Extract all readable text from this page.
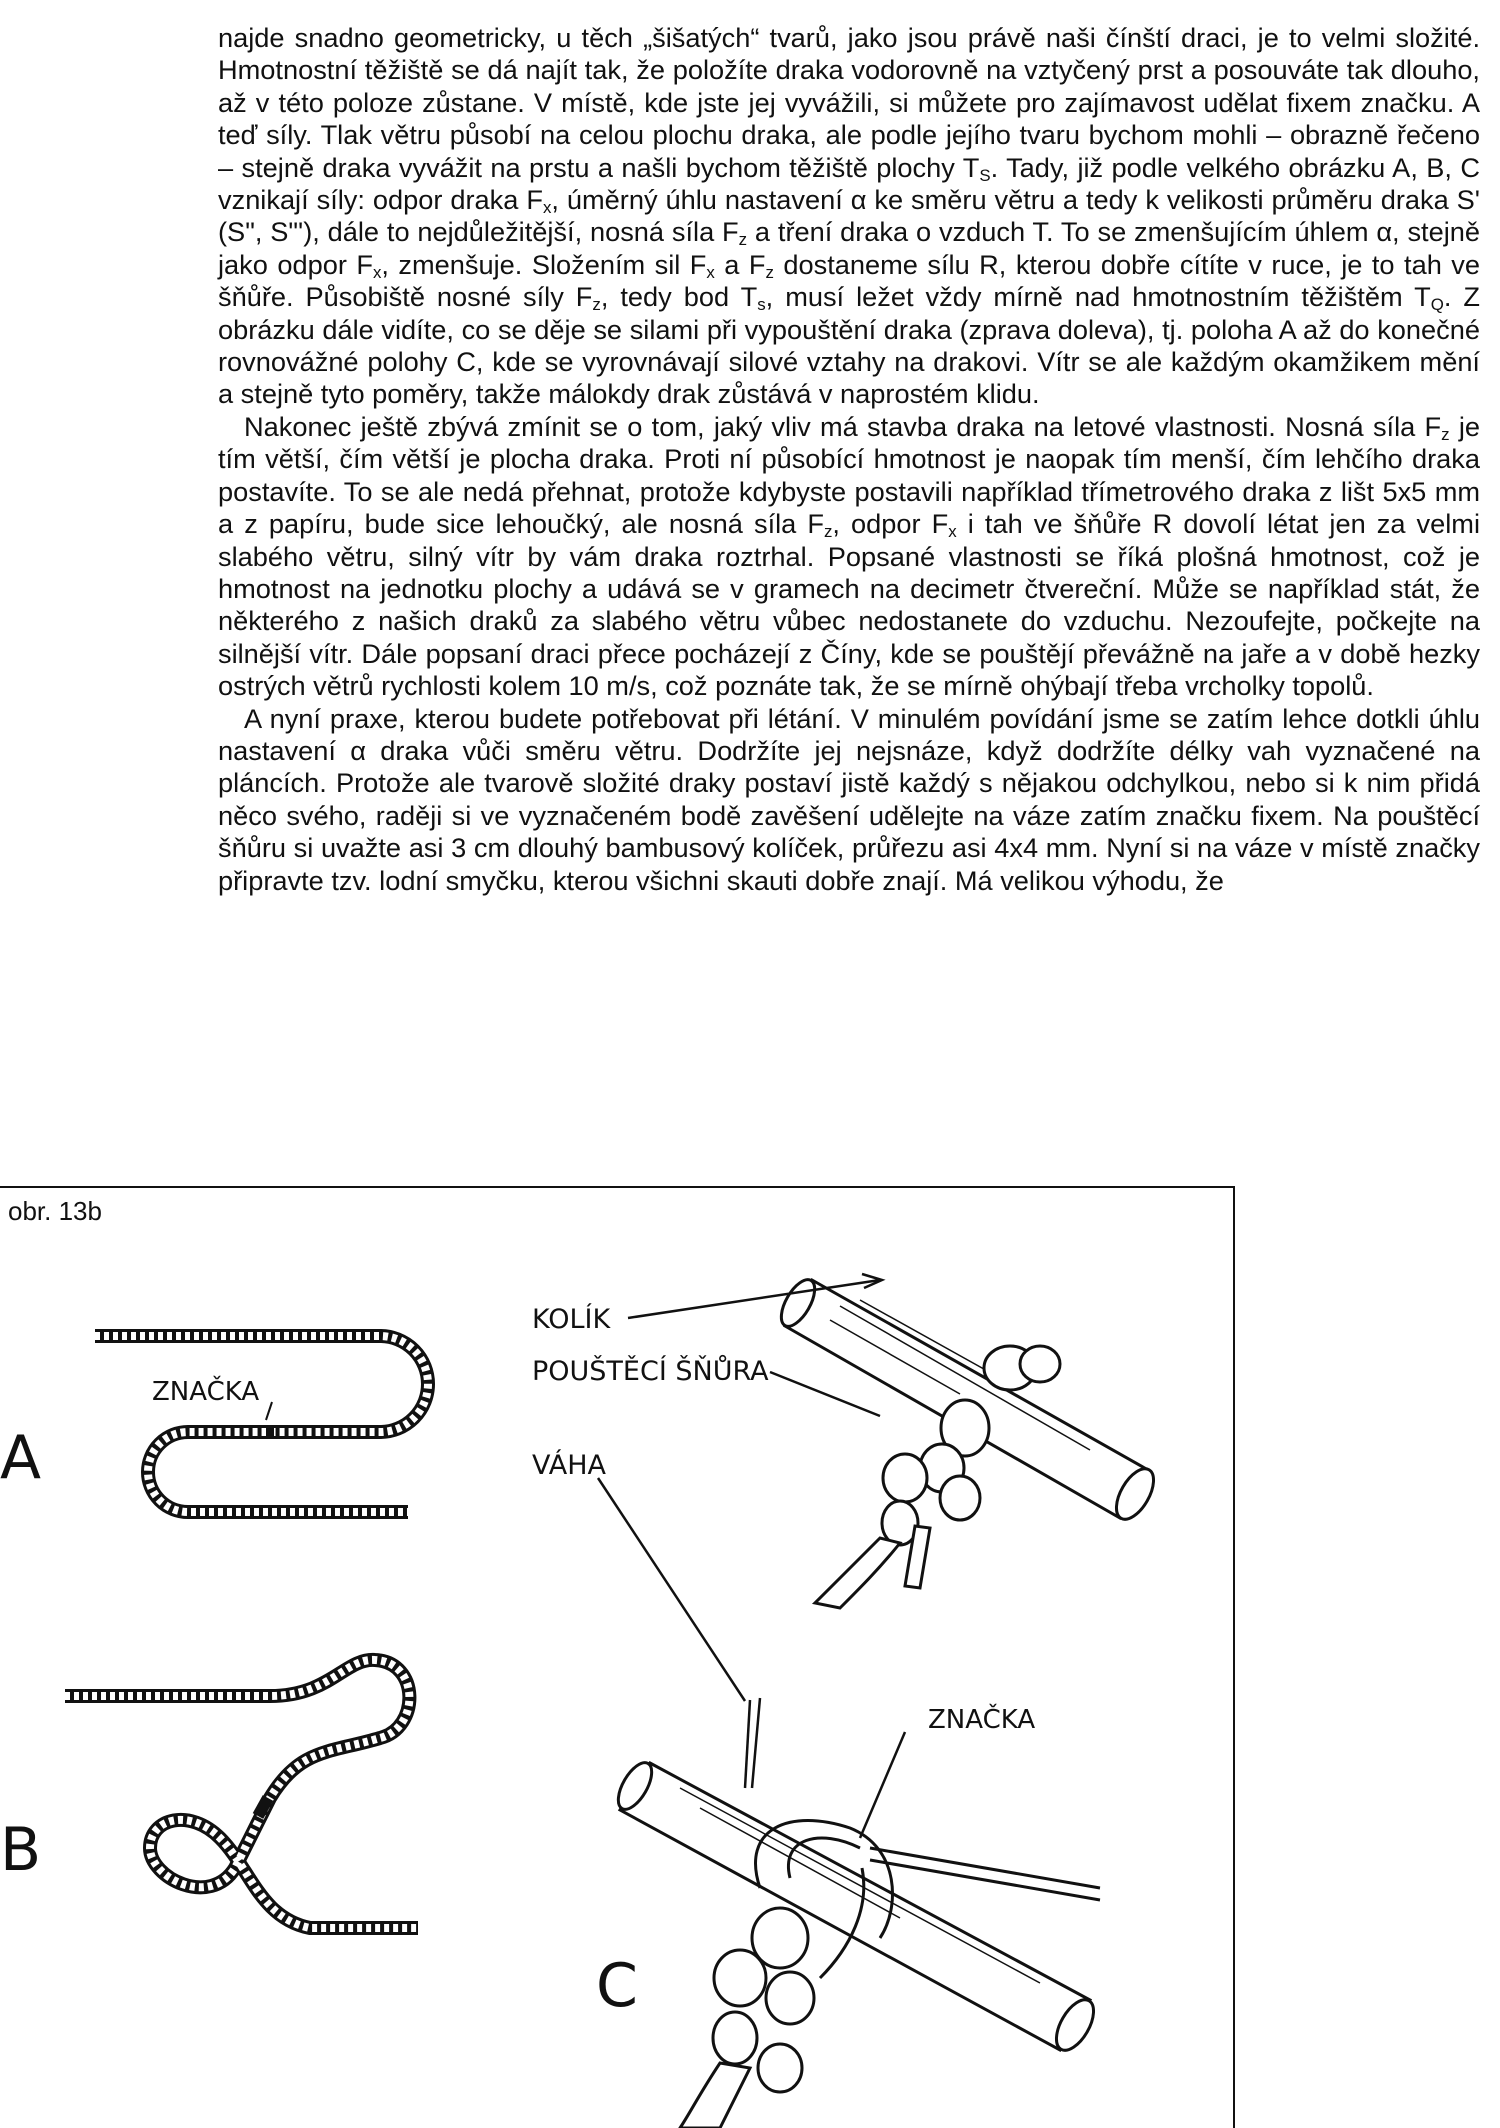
najde snadno geometricky, u těch „šišatých“ tvarů, jako jsou právě naši čínští draci, je to velmi složité. Hmotnostní těžiště se dá najít tak, že položíte draka vodorovně na vztyčený prst a posouváte tak dlouho, až v této poloze zůstane. V místě, kde jste jej vyvážili, si můžete pro zajímavost udělat fixem značku. A teď síly. Tlak větru působí na celou plochu draka, ale podle jejího tvaru bychom mohli – obrazně řečeno – stejně draka vyvážit na prstu a našli bychom těžiště plochy $T_S$. Tady, již podle velkého obrázku A, B, C vznikají síly: odpor draka $F_x$, úměrný úhlu nastavení α ke směru větru a tedy k velikosti průměru draka S' (S", S"'), dále to nejdůležitější, nosná síla $F_z$ a tření draka o vzduch T. To se zmenšujícím úhlem α, stejně jako odpor $F_x$, zmenšuje. Složením sil $F_x$ a $F_z$ dostaneme sílu R, kterou dobře cítíte v ruce, je to tah ve šňůře. Působiště nosné síly $F_z$, tedy bod $T_s$, musí ležet vždy mírně nad hmotnostním těžištěm $T_Q$. Z obrázku dále vidíte, co se děje se silami při vypouštění draka (zprava doleva), tj. poloha A až do konečné rovnovážné polohy C, kde se vyrovnávají silové vztahy na drakovi. Vítr se ale každým okamžikem mění a stejně tyto poměry, takže málokdy drak zůstává v naprostém klidu.

Nakonec ještě zbývá zmínit se o tom, jaký vliv má stavba draka na letové vlastnosti. Nosná síla $F_z$ je tím větší, čím větší je plocha draka. Proti ní působící hmotnost je naopak tím menší, čím lehčího draka postavíte. To se ale nedá přehnat, protože kdybyste postavili například třímetrového draka z lišt 5x5 mm a z papíru, bude sice lehoučký, ale nosná síla $F_z$, odpor $F_x$ i tah ve šňůře R dovolí létat jen za velmi slabého větru, silný vítr by vám draka roztrhal. Popsané vlastnosti se říká plošná hmotnost, což je hmotnost na jednotku plochy a udává se v gramech na decimetr čtvereční. Může se například stát, že některého z našich draků za slabého větru vůbec nedostanete do vzduchu. Nezoufejte, počkejte na silnější vítr. Dále popsaní draci přece pocházejí z Číny, kde se pouštějí převážně na jaře a v době hezky ostrých větrů rychlosti kolem 10 m/s, což poznáte tak, že se mírně ohýbají třeba vrcholky topolů.

A nyní praxe, kterou budete potřebovat při létání. V minulém povídání jsme se zatím lehce dotkli úhlu nastavení α draka vůči směru větru. Dodržíte jej nejsnáze, když dodržíte délky vah vyznačené na pláncích. Protože ale tvarově složité draky postaví jistě každý s nějakou odchylkou, nebo si k nim přidá něco svého, raději si ve vyznačeném bodě zavěšení udělejte na váze zatím značku fixem. Na pouštěcí šňůru si uvažte asi 3 cm dlouhý bambusový kolíček, průřezu asi 4x4 mm. Nyní si na váze v místě značky připravte tzv. lodní smyčku, kterou všichni skauti dobře znají. Má velikou výhodu, že

obr. 13b
A
B
C
ZNAČKA
ZNAČKA
KOLÍK
POUŠTĚCÍ ŠŇŮRA
VÁHA
